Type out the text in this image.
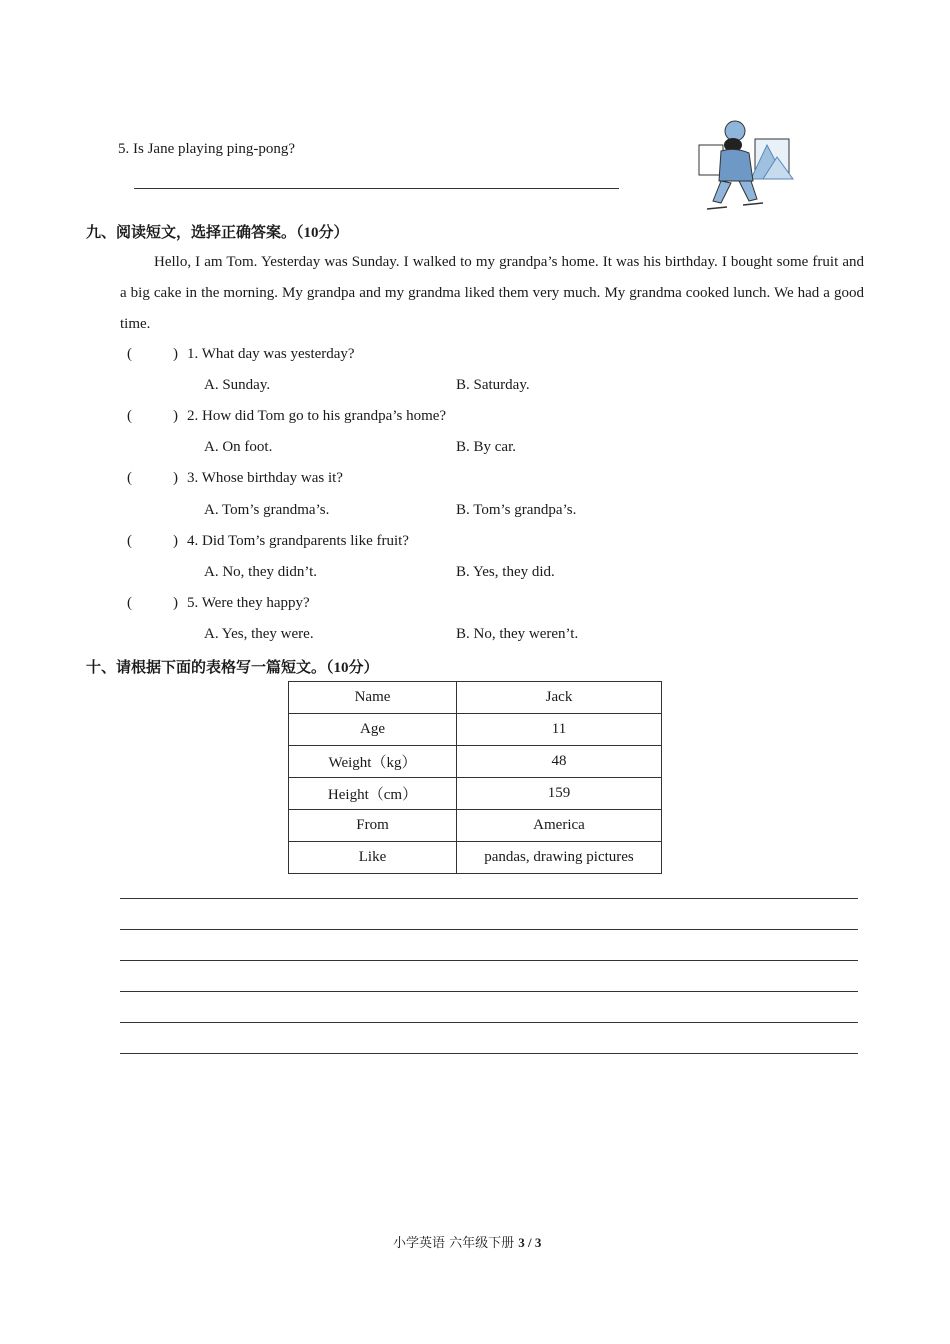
5. Is Jane playing ping-pong?
九、阅读短文，选择正确答案。（10分）
Hello, I am Tom. Yesterday was Sunday. I walked to my grandpa’s home. It was his birthday. I bought some fruit and a big cake in the morning. My grandpa and my grandma liked them very much. My grandma cooked lunch. We had a good time.
(	) 1. What day was yesterday?
A. Sunday.	B. Saturday.
(	) 2. How did Tom go to his grandpa’s home?
A. On foot.	B. By car.
(	) 3. Whose birthday was it?
A. Tom’s grandma’s.	B. Tom’s grandpa’s.
(	) 4. Did Tom’s grandparents like fruit?
A. No, they didn’t.	B. Yes, they did.
(	) 5. Were they happy?
A. Yes, they were.	B. No, they weren’t.
十、请根据下面的表格写一篇短文。（10分）
Name	Jack
Age	11
Weight（kg）	48
Height（cm）	159
From	America
Like	pandas, drawing pictures
小学英语 六年级下册 3 / 3
